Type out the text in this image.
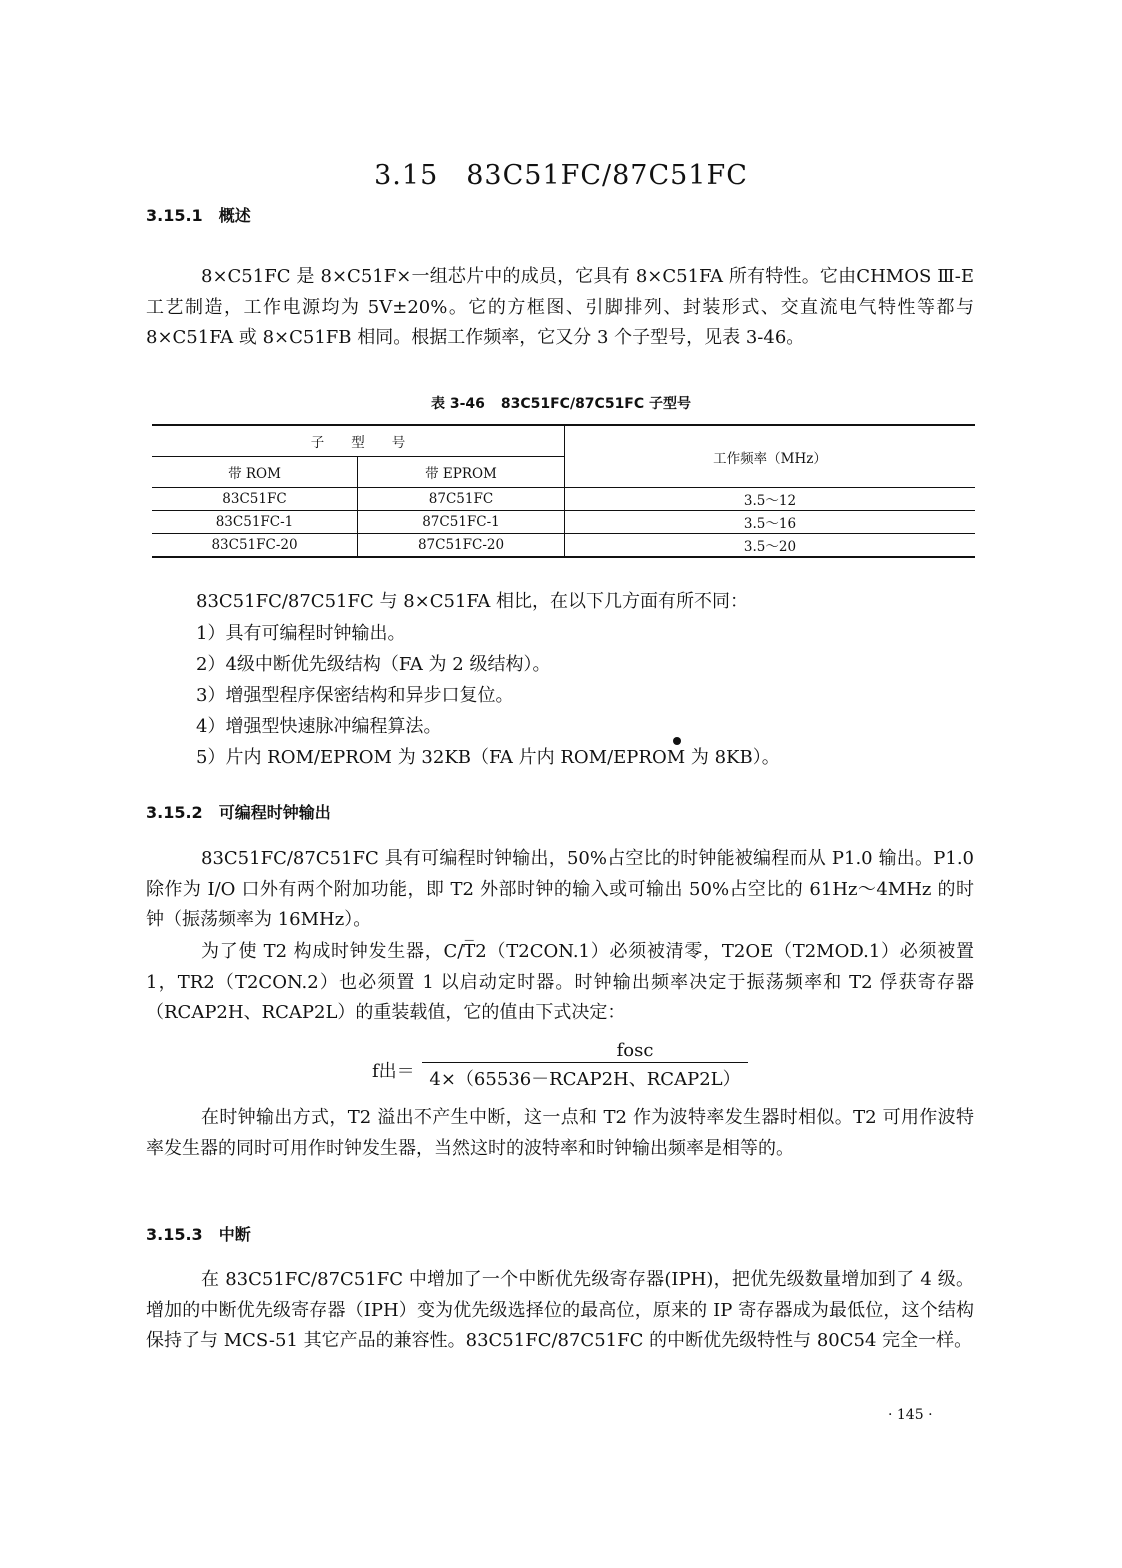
3.15 83C51FC/87C51FC
3.15.1 概述
8×C51FC 是 8×C51F×一组芯片中的成员，它具有 8×C51FA 所有特性。它由CHMOS Ⅲ-E 工艺制造，工作电源均为 5V±20%。它的方框图、引脚排列、封装形式、交直流电气特性等都与 8×C51FA 或 8×C51FB 相同。根据工作频率，它又分 3 个子型号，见表 3-46。
表 3-46 83C51FC/87C51FC 子型号
子　　型　　号		工作频率（MHz）
带 ROM	带 EPROM	
83C51FC	87C51FC	3.5～12
83C51FC-1	87C51FC-1	3.5～16
83C51FC-20	87C51FC-20	3.5～20
83C51FC/87C51FC 与 8×C51FA 相比，在以下几方面有所不同：
1）具有可编程时钟输出。
2）4级中断优先级结构（FA 为 2 级结构）。
3）增强型程序保密结构和异步口复位。
4）增强型快速脉冲编程算法。
5）片内 ROM/EPROM 为 32KB（FA 片内 ROM/EPROM 为 8KB）。
3.15.2 可编程时钟输出
83C51FC/87C51FC 具有可编程时钟输出，50%占空比的时钟能被编程而从 P1.0 输出。P1.0 除作为 I/O 口外有两个附加功能，即 T2 外部时钟的输入或可输出 50%占空比的 61Hz～4MHz 的时钟（振荡频率为 16MHz）。
为了使 T2 构成时钟发生器，C/T̅2（T2CON.1）必须被清零，T2OE（T2MOD.1）必须被置 1，TR2（T2CON.2）也必须置 1 以启动定时器。时钟输出频率决定于振荡频率和 T2 俘获寄存器（RCAP2H、RCAP2L）的重装载值，它的值由下式决定：
f出＝
fosc
4×（65536－RCAP2H、RCAP2L）
在时钟输出方式，T2 溢出不产生中断，这一点和 T2 作为波特率发生器时相似。T2 可用作波特率发生器的同时可用作时钟发生器，当然这时的波特率和时钟输出频率是相等的。
3.15.3 中断
在 83C51FC/87C51FC 中增加了一个中断优先级寄存器(IPH)，把优先级数量增加到了 4 级。增加的中断优先级寄存器（IPH）变为优先级选择位的最高位，原来的 IP 寄存器成为最低位，这个结构保持了与 MCS-51 其它产品的兼容性。83C51FC/87C51FC 的中断优先级特性与 80C54 完全一样。
· 145 ·
